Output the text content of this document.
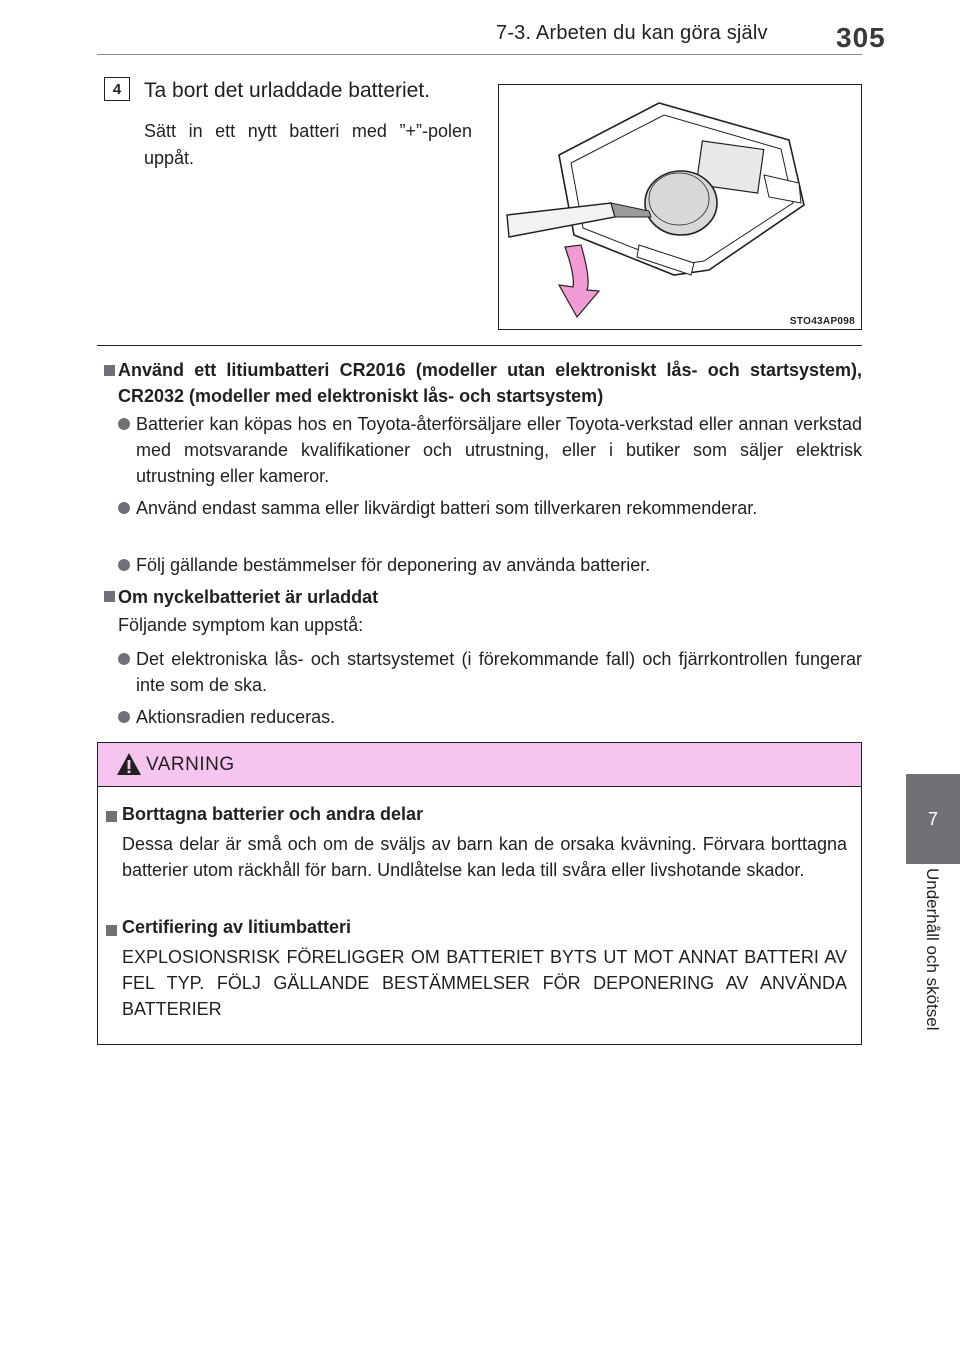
7-3. Arbeten du kan göra själv	305
7
Underhåll och skötsel
4 Ta bort det urladdade batteriet.
Sätt in ett nytt batteri med ”+”-polen uppåt.
STO43AP098
Använd ett litiumbatteri CR2016 (modeller utan elektroniskt lås- och startsystem), CR2032 (modeller med elektroniskt lås- och startsystem)
Batterier kan köpas hos en Toyota-återförsäljare eller Toyota-verkstad eller annan verkstad med motsvarande kvalifikationer och utrustning, eller i butiker som säljer elektrisk utrustning eller kameror.
Använd endast samma eller likvärdigt batteri som tillverkaren rekommenderar.
Följ gällande bestämmelser för deponering av använda batterier.
Om nyckelbatteriet är urladdat
Följande symptom kan uppstå:
Det elektroniska lås- och startsystemet (i förekommande fall) och fjärrkontrollen fungerar inte som de ska.
Aktionsradien reduceras.
VARNING
Borttagna batterier och andra delar
Dessa delar är små och om de sväljs av barn kan de orsaka kvävning. Förvara borttagna batterier utom räckhåll för barn. Undlåtelse kan leda till svåra eller livshotande skador.
Certifiering av litiumbatteri
EXPLOSIONSRISK FÖRELIGGER OM BATTERIET BYTS UT MOT ANNAT BATTERI AV FEL TYP. FÖLJ GÄLLANDE BESTÄMMELSER FÖR DEPONERING AV ANVÄNDA BATTERIER
